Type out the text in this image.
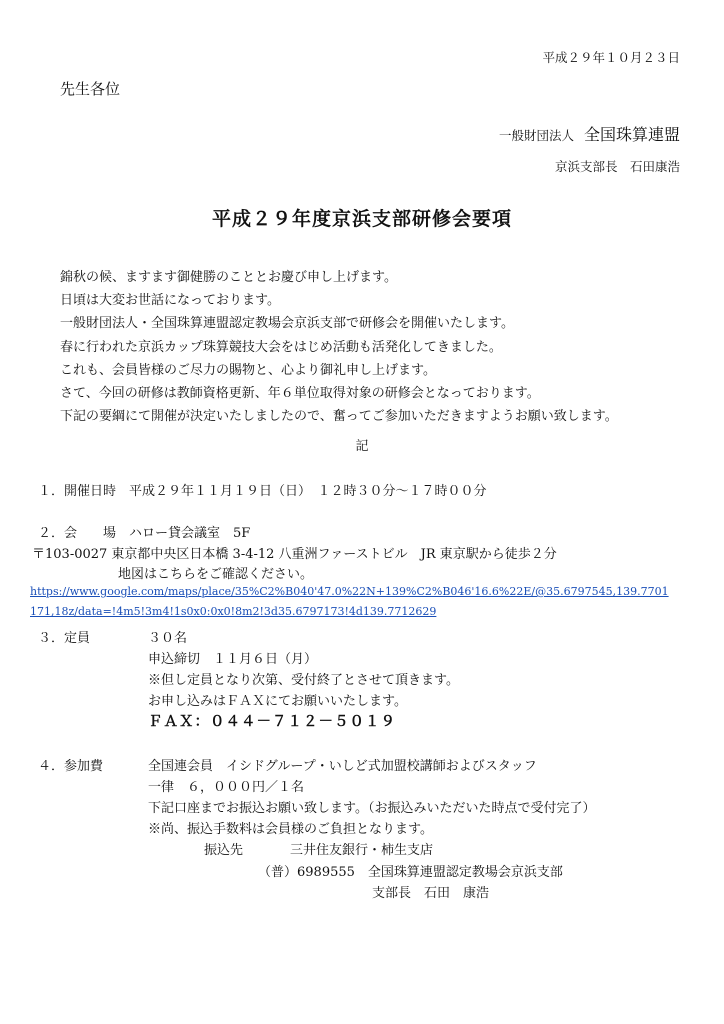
平成２９年１０月２３日
先生各位
一般財団法人 全国珠算連盟
京浜支部長　石田康浩
平成２９年度京浜支部研修会要項
錦秋の候、ますます御健勝のこととお慶び申し上げます。
日頃は大変お世話になっております。
一般財団法人・全国珠算連盟認定教場会京浜支部で研修会を開催いたします。
春に行われた京浜カップ珠算競技大会をはじめ活動も活発化してきました。
これも、会員皆様のご尽力の賜物と、心より御礼申し上げます。
さて、今回の研修は教師資格更新、年６単位取得対象の研修会となっております。
下記の要綱にて開催が決定いたしましたので、奮ってご参加いただきますようお願い致します。
記
１．開催日時　平成２９年１１月１９日（日）　１２時３０分～１７時００分
２．会　　場　ハロー貸会議室　5F
〒103-0027 東京都中央区日本橋 3-4-12 八重洲ファーストビル　JR 東京駅から徒歩２分
地図はこちらをご確認ください。
https://www.google.com/maps/place/35%C2%B040'47.0%22N+139%C2%B046'16.6%22E/@35.6797545,139.7701
171,18z/data=!4m5!3m4!1s0x0:0x0!8m2!3d35.6797173!4d139.7712629
３．定員	３０名
申込締切　１１月６日（月）
※但し定員となり次第、受付終了とさせて頂きます。
お申し込みはＦＡＸにてお願いいたします。
ＦＡＸ：０４４－７１２－５０１９
４．参加費	全国連会員　イシドグループ・いしど式加盟校講師およびスタッフ
一律　６，０００円／１名
下記口座までお振込お願い致します。（お振込みいただいた時点で受付完了）
※尚、振込手数料は会員様のご負担となります。
振込先	三井住友銀行・柿生支店
（普）6989555　全国珠算連盟認定教場会京浜支部
支部長　石田　康浩
